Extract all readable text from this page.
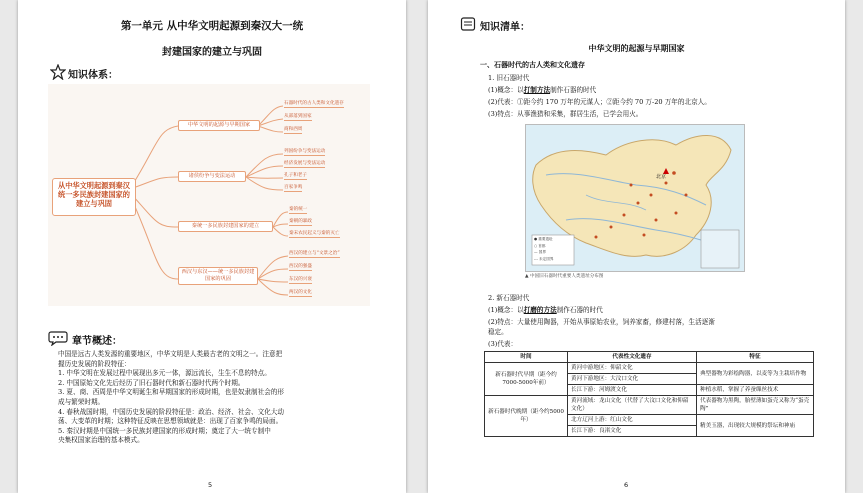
第一单元 从中华文明起源到秦汉大一统
封建国家的建立与巩固
知识体系：
从中华文明起源到秦汉统一多民族封建国家的建立与巩固
中华文明的起源与早期国家
诸侯纷争与变法运动
秦统一多民族封建国家的建立
西汉与东汉——统一多民族封建国家的巩固
石器时代的古人类和文化遗存
从部落到国家
商和西周
列国纷争与变法运动
经济发展与变法运动
孔子和老子
百家争鸣
秦的统一
秦朝的暴政
秦末农民起义与秦的灭亡
西汉的建立与“文景之治”
西汉的强盛
东汉的兴衰
两汉的文化
章节概述：
中国是远古人类发源的重要地区，中华文明是人类最古老的文明之一。注意把
握历史发展的阶段特征：
1. 中华文明在发展过程中展现出多元一体，源远流长，生生不息的特点。
2. 中国原始文化先后经历了旧石器时代和新石器时代两个时期。
3. 夏、商、西周是中华文明诞生和早期国家的形成时期，也是奴隶制社会的形
成与繁荣时期。
4. 春秋战国时期，中国历史发展的阶段特征是：政治、经济、社会、文化大动
荡、大变革的时期；这种特征反映在思想领域就是：出现了百家争鸣的局面。
5. 秦汉时期是中国统一多民族封建国家的形成时期；奠定了大一统专制中
央集权国家治理的基本模式。
5
知识清单：
中华文明的起源与早期国家
一、石器时代的古人类和文化遗存
1. 旧石器时代
(1)概念：以打制方法制作石器的时代
(2)代表：①距今约 170 万年的元谋人；②距今约 70 万-20 万年的北京人。
(3)特点：从事渔猎和采集，群居生活，已学会用火。
北京
● 重要遗址
○ 首都
— 国界
--- 未定国界
▲ 中国旧石器时代重要人类遗址分布图
2. 新石器时代
(1)概念：以打磨的方法制作石器的时代
(2)特点：大量使用陶器，开始从事原始农业，饲养家畜，修建村落，生活逐渐
稳定。
(3)代表：
时间	代表性文化遗存	特征
新石器时代早期（距今约7000-5000年前）	黄河中游地区：仰韶文化	典型器物为彩绘陶器，以麦等为主栽培作物
	黄河下游地区：大汶口文化	
	长江下游：河姆渡文化	种植水稻，掌握了养蚕缫丝技术
新石器时代晚期（距今约5000年）	黄河流域：龙山文化（代替了大汶口文化和仰韶文化）	代表器物为黑陶，胎壁薄如蛋壳又称为“蛋壳陶”
	北方辽河上游：红山文化	精美玉器，出现较大规模的祭坛和神庙
	长江下游：良渚文化	
6
